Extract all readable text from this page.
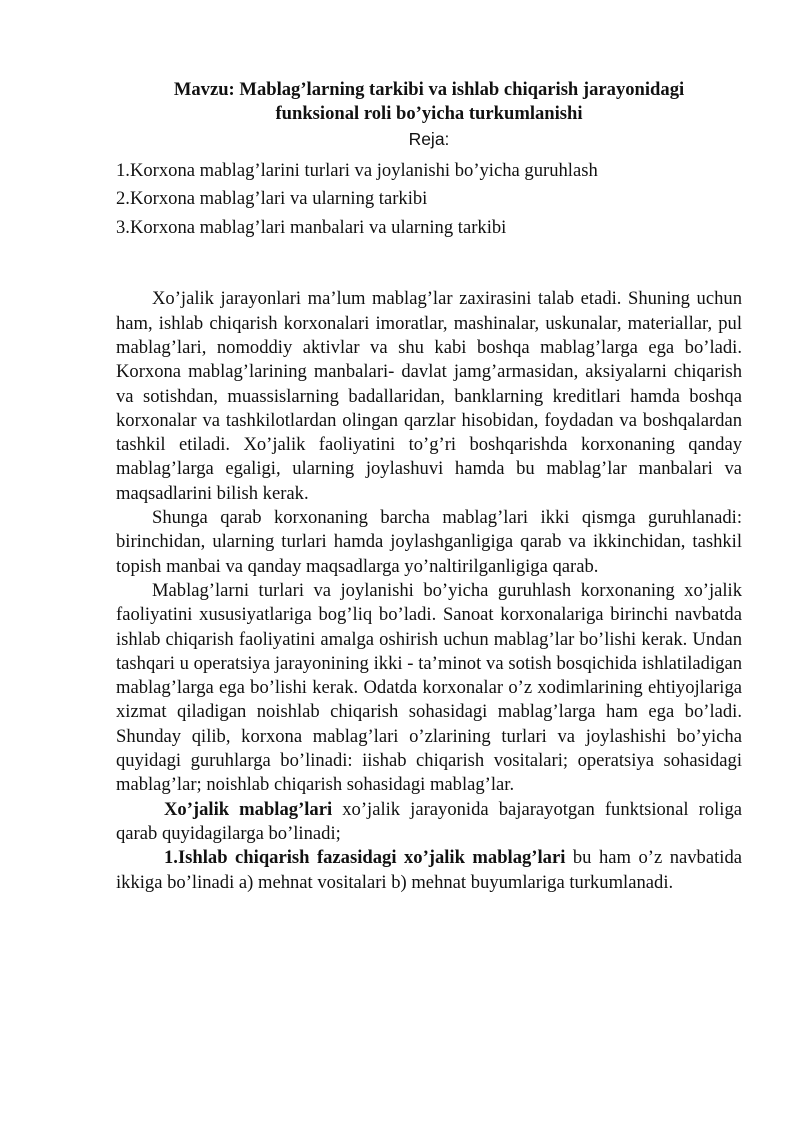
Mavzu: Mablag’larning tarkibi va ishlab chiqarish jarayonidagi
funksional roli bo’yicha turkumlanishi

Reja:

1.Korxona mablag’larini turlari va joylanishi bo’yicha guruhlash
2.Korxona mablag’lari va ularning tarkibi
3.Korxona mablag’lari manbalari va ularning tarkibi

Xo’jalik jarayonlari ma’lum mablag’lar zaxirasini talab etadi. Shuning uchun ham, ishlab chiqarish korxonalari imoratlar, mashinalar, uskunalar, materiallar, pul mablag’lari, nomoddiy aktivlar va shu kabi boshqa mablag’larga ega bo’ladi. Korxona mablag’larining manbalari- davlat jamg’armasidan, aksiyalarni chiqarish va sotishdan, muassislarning badallaridan, banklarning kreditlari hamda boshqa korxonalar va tashkilotlardan olingan qarzlar hisobidan, foydadan va boshqalardan tashkil etiladi. Xo’jalik faoliyatini to’g’ri boshqarishda korxonaning qanday mablag’larga egaligi, ularning joylashuvi hamda bu mablag’lar manbalari va maqsadlarini bilish kerak.

Shunga qarab korxonaning barcha mablag’lari ikki qismga guruhlanadi: birinchidan, ularning turlari hamda joylashganligiga qarab va ikkinchidan, tashkil topish manbai va qanday maqsadlarga yo’naltirilganligiga qarab.

Mablag’larni turlari va joylanishi bo’yicha guruhlash korxonaning xo’jalik faoliyatini xususiyatlariga bog’liq bo’ladi. Sanoat korxonalariga birinchi navbatda ishlab chiqarish faoliyatini amalga oshirish uchun mablag’lar bo’lishi kerak. Undan tashqari u operatsiya jarayonining ikki - ta’minot va sotish bosqichida ishlatiladigan mablag’larga ega bo’lishi kerak. Odatda korxonalar o’z xodimlarining ehtiyojlariga xizmat qiladigan noishlab chiqarish sohasidagi mablag’larga ham ega bo’ladi. Shunday qilib, korxona mablag’lari o’zlarining turlari va joylashishi bo’yicha quyidagi guruhlarga bo’linadi: iishab chiqarish vositalari; operatsiya sohasidagi mablag’lar; noishlab chiqarish sohasidagi mablag’lar.

Xo’jalik mablag’lari xo’jalik jarayonida bajarayotgan funktsional roliga qarab quyidagilarga bo’linadi;

1.Ishlab chiqarish fazasidagi xo’jalik mablag’lari bu ham o’z navbatida ikkiga bo’linadi a) mehnat vositalari b) mehnat buyumlariga turkumlanadi.
